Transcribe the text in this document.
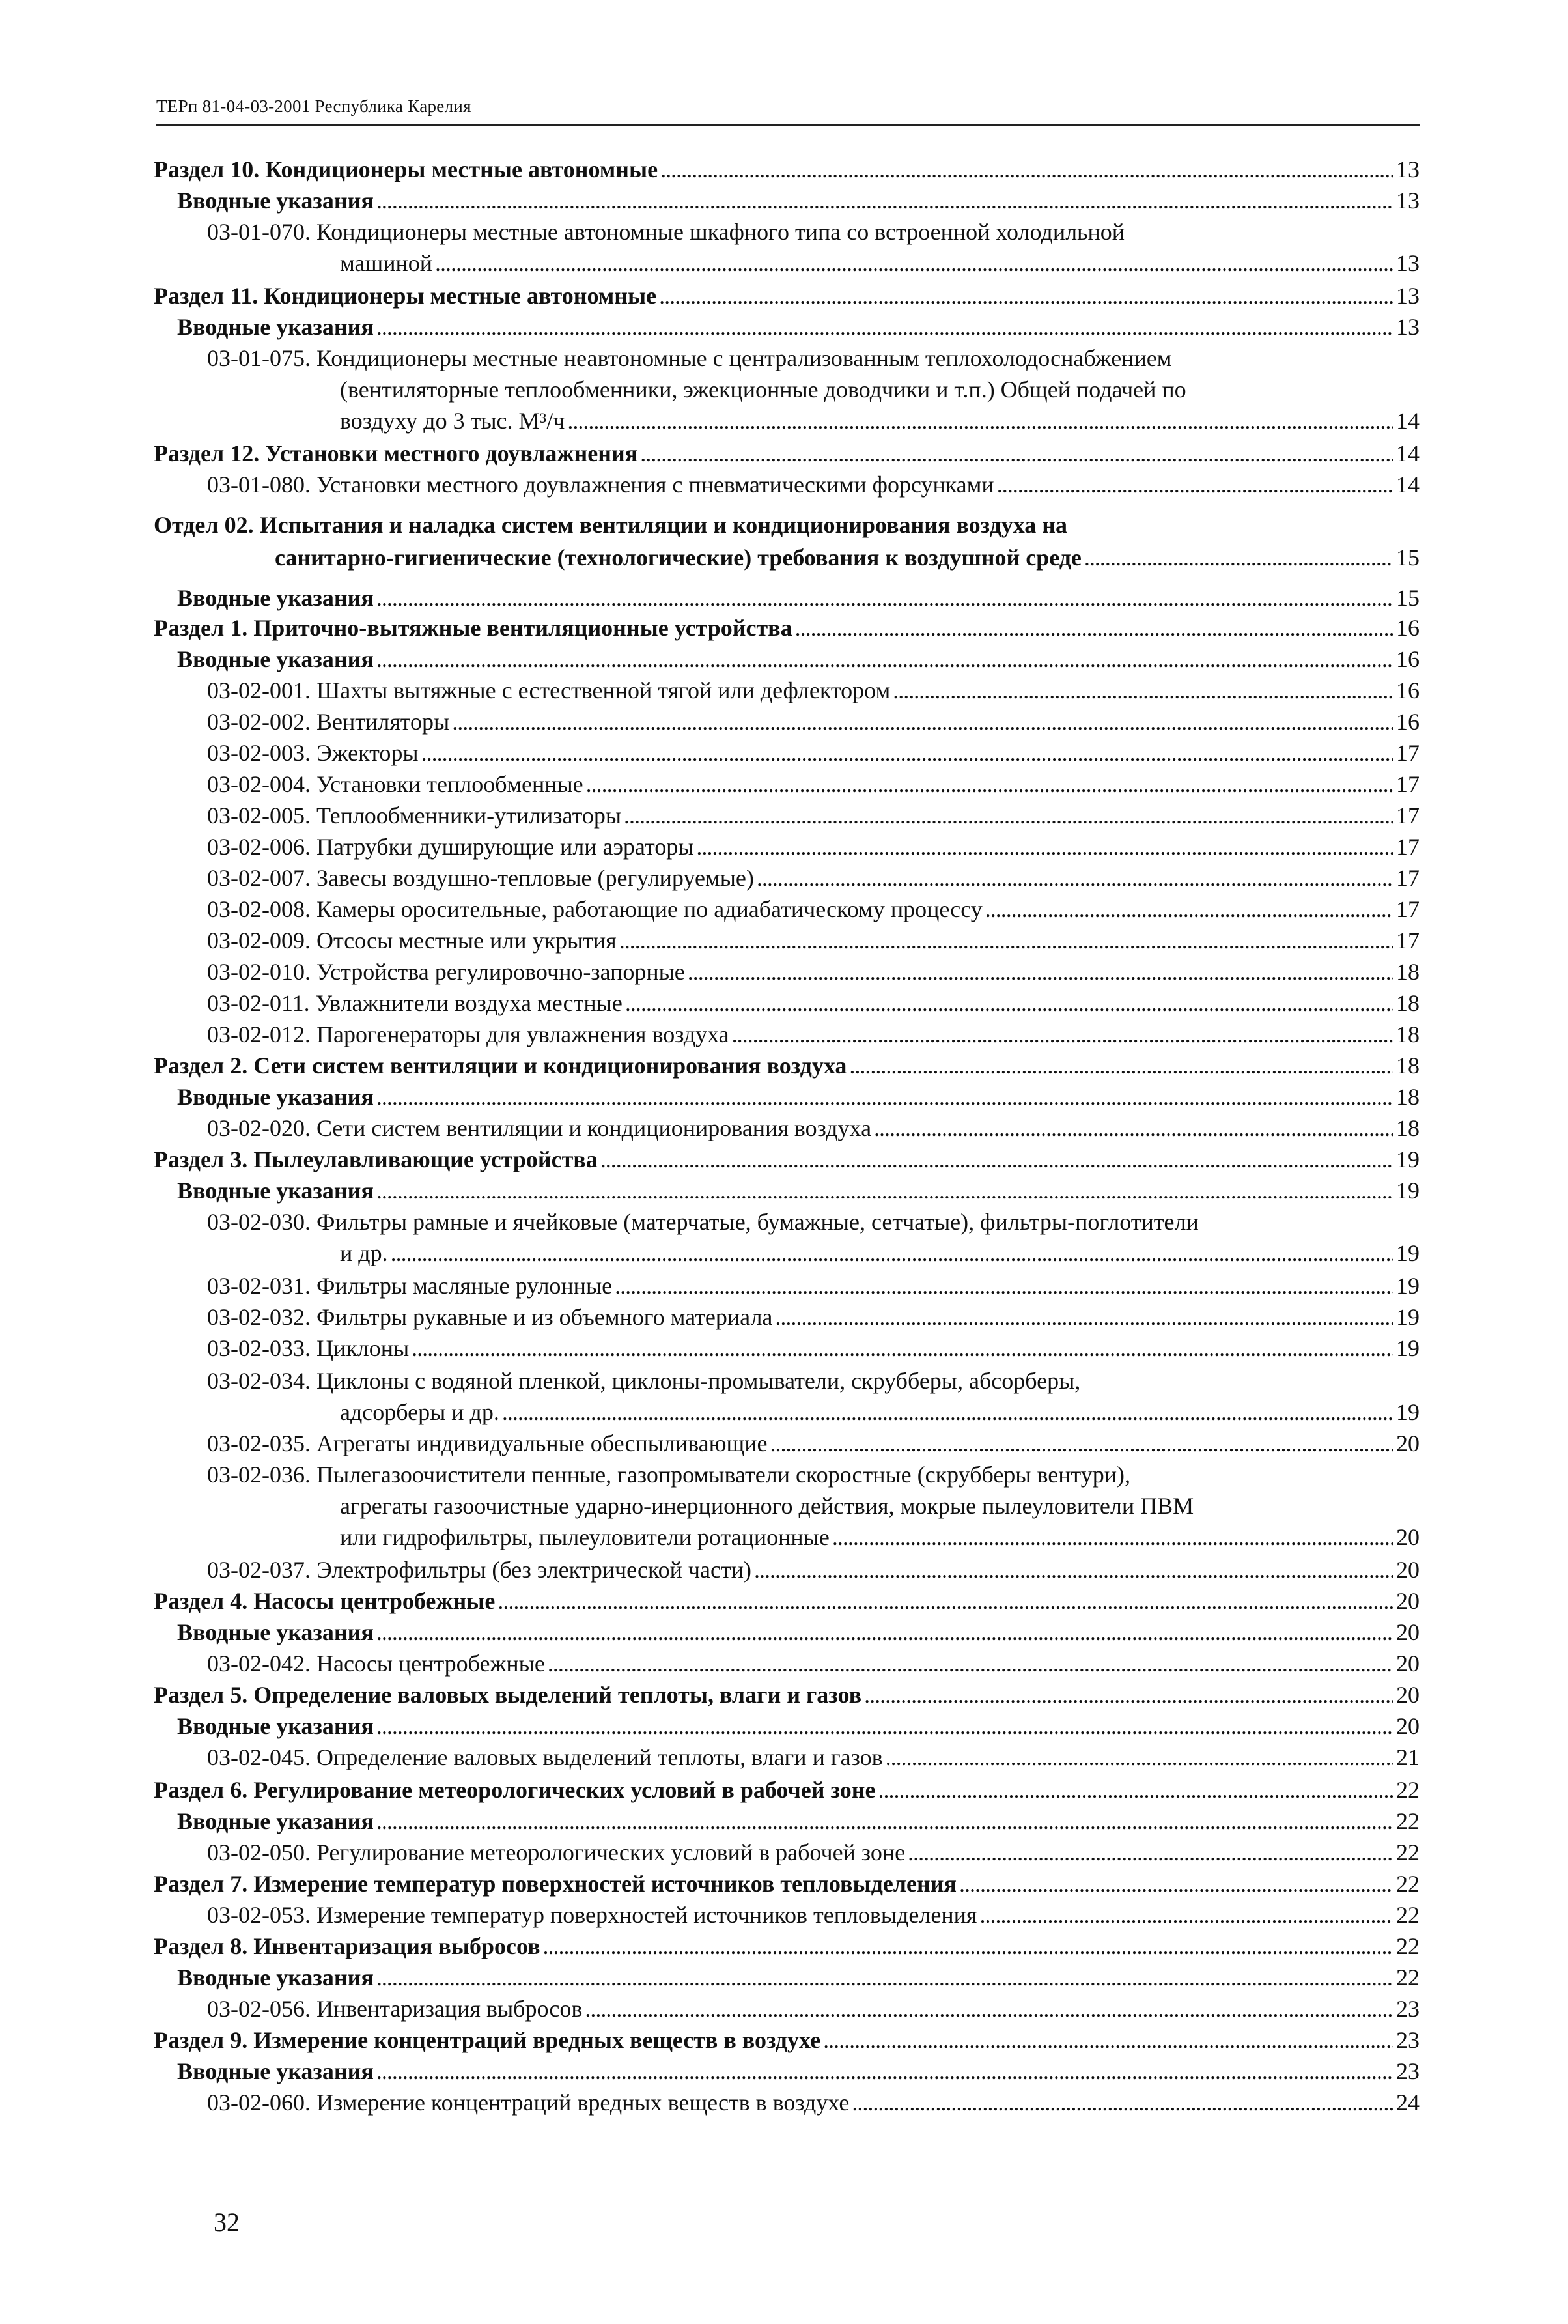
ТЕРп 81-04-03-2001 Республика Карелия
Раздел 10. Кондиционеры местные автономные . . .	13
Вводные указания . . .	13
03-01-070. Кондиционеры местные автономные шкафного типа со встроенной холодильной
машиной . . .	13
Раздел 11. Кондиционеры местные автономные . . .	13
Вводные указания . . .	13
03-01-075. Кондиционеры местные неавтономные с централизованным теплохолодоснабжением
(вентиляторные теплообменники, эжекционные доводчики и т.п.) Общей подачей по
воздуху до 3 тыс. М³/ч . . .	14
Раздел 12. Установки местного доувлажнения . . .	14
03-01-080. Установки местного доувлажнения с пневматическими форсунками . . .	14
Отдел 02. Испытания и наладка систем вентиляции и кондиционирования воздуха на
санитарно-гигиенические (технологические) требования к воздушной среде . . .	15
Вводные указания . . .	15
Раздел 1. Приточно-вытяжные вентиляционные устройства . . .	16
Вводные указания . . .	16
03-02-001. Шахты вытяжные с естественной тягой или дефлектором . . .	16
03-02-002. Вентиляторы . . .	16
03-02-003. Эжекторы . . .	17
03-02-004. Установки теплообменные . . .	17
03-02-005. Теплообменники-утилизаторы . . .	17
03-02-006. Патрубки душирующие или аэраторы . . .	17
03-02-007. Завесы воздушно-тепловые (регулируемые) . . .	17
03-02-008. Камеры оросительные, работающие по адиабатическому процессу . . .	17
03-02-009. Отсосы местные или укрытия . . .	17
03-02-010. Устройства регулировочно-запорные . . .	18
03-02-011. Увлажнители воздуха местные . . .	18
03-02-012. Парогенераторы для увлажнения воздуха . . .	18
Раздел 2. Сети систем вентиляции и кондиционирования воздуха . . .	18
Вводные указания . . .	18
03-02-020. Сети систем вентиляции и кондиционирования воздуха . . .	18
Раздел 3. Пылеулавливающие устройства . . .	19
Вводные указания . . .	19
03-02-030. Фильтры рамные и ячейковые (матерчатые, бумажные, сетчатые), фильтры-поглотители
и др. . . .	19
03-02-031. Фильтры масляные рулонные . . .	19
03-02-032. Фильтры рукавные и из объемного материала . . .	19
03-02-033. Циклоны . . .	19
03-02-034. Циклоны с водяной пленкой, циклоны-промыватели, скрубберы, абсорберы,
адсорберы и др. . . .	19
03-02-035. Агрегаты индивидуальные обеспыливающие . . .	20
03-02-036. Пылегазоочистители пенные, газопромыватели скоростные (скрубберы вентури),
агрегаты газоочистные ударно-инерционного действия, мокрые пылеуловители ПВМ
или гидрофильтры, пылеуловители ротационные . . .	20
03-02-037. Электрофильтры (без электрической части) . . .	20
Раздел 4. Насосы центробежные . . .	20
Вводные указания . . .	20
03-02-042. Насосы центробежные . . .	20
Раздел 5. Определение валовых выделений теплоты, влаги и газов . . .	20
Вводные указания . . .	20
03-02-045. Определение валовых выделений теплоты, влаги и газов . . .	21
Раздел 6. Регулирование метеорологических условий в рабочей зоне . . .	22
Вводные указания . . .	22
03-02-050. Регулирование метеорологических условий в рабочей зоне . . .	22
Раздел 7. Измерение температур поверхностей источников тепловыделения . . .	22
03-02-053. Измерение температур поверхностей источников тепловыделения . . .	22
Раздел 8. Инвентаризация выбросов . . .	22
Вводные указания . . .	22
03-02-056. Инвентаризация выбросов . . .	23
Раздел 9. Измерение концентраций вредных веществ в воздухе . . .	23
Вводные указания . . .	23
03-02-060. Измерение концентраций вредных веществ в воздухе . . .	24
32
